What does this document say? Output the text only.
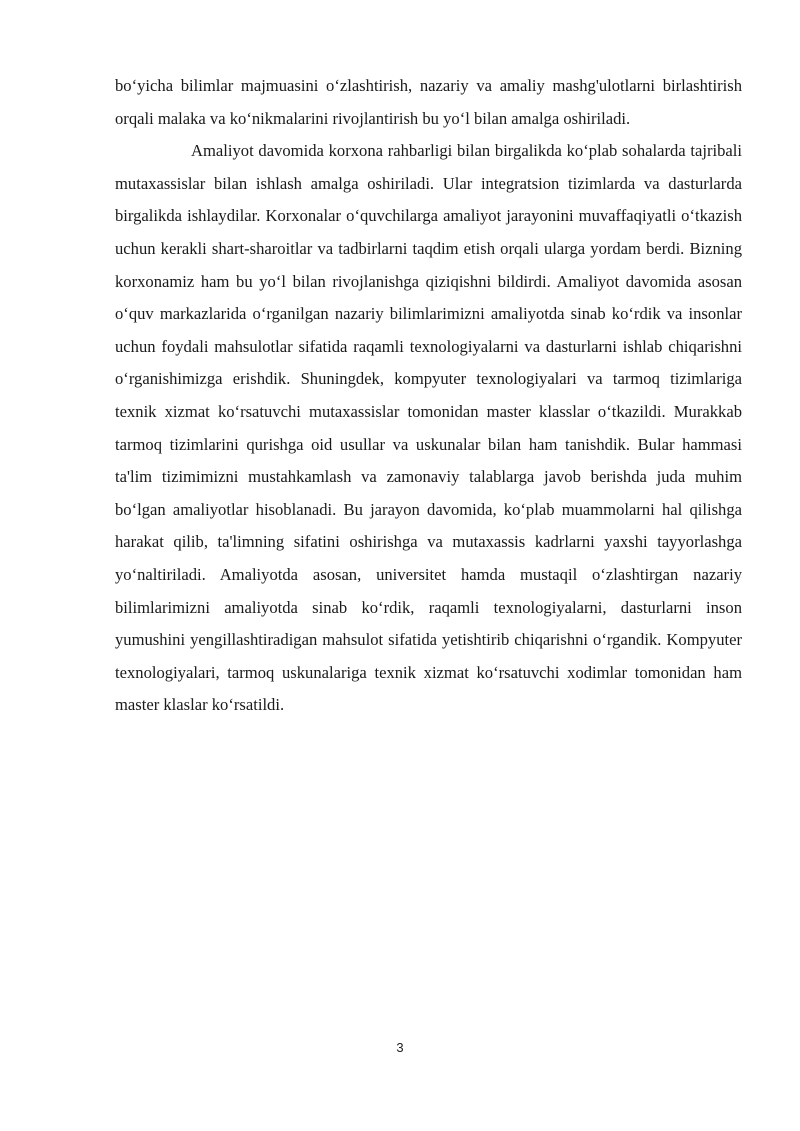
bo‘yicha bilimlar majmuasini o‘zlashtirish, nazariy va amaliy mashg'ulotlarni birlashtirish orqali malaka va ko‘nikmalarini rivojlantirish bu yo‘l bilan amalga oshiriladi.

Amaliyot davomida korxona rahbarligi bilan birgalikda ko‘plab sohalarda tajribali mutaxassislar bilan ishlash amalga oshiriladi. Ular integratsion tizimlarda va dasturlarda birgalikda ishlaydilar. Korxonalar o‘quvchilarga amaliyot jarayonini muvaffaqiyatli o‘tkazish uchun kerakli shart-sharoitlar va tadbirlarni taqdim etish orqali ularga yordam berdi. Bizning korxonamiz ham bu yo‘l bilan rivojlanishga qiziqishni bildirdi. Amaliyot davomida asosan o‘quv markazlarida o‘rganilgan nazariy bilimlarimizni amaliyotda sinab ko‘rdik va insonlar uchun foydali mahsulotlar sifatida raqamli texnologiyalarni va dasturlarni ishlab chiqarishni o‘rganishimizga erishdik. Shuningdek, kompyuter texnologiyalari va tarmoq tizimlariga texnik xizmat ko‘rsatuvchi mutaxassislar tomonidan master klasslar o‘tkazildi. Murakkab tarmoq tizimlarini qurishga oid usullar va uskunalar bilan ham tanishdik. Bular hammasi ta'lim tizimimizni mustahkamlash va zamonaviy talablarga javob berishda juda muhim bo‘lgan amaliyotlar hisoblanadi. Bu jarayon davomida, ko‘plab muammolarni hal qilishga harakat qilib, ta'limning sifatini oshirishga va mutaxassis kadrlarni yaxshi tayyorlashga yo‘naltiriladi. Amaliyotda asosan, universitet hamda mustaqil o‘zlashtirgan nazariy bilimlarimizni amaliyotda sinab ko‘rdik, raqamli texnologiyalarni, dasturlarni inson yumushini yengillashtiradigan mahsulot sifatida yetishtirib chiqarishni o‘rgandik. Kompyuter texnologiyalari, tarmoq uskunalariga texnik xizmat ko‘rsatuvchi xodimlar tomonidan ham master klaslar ko‘rsatildi.

3
